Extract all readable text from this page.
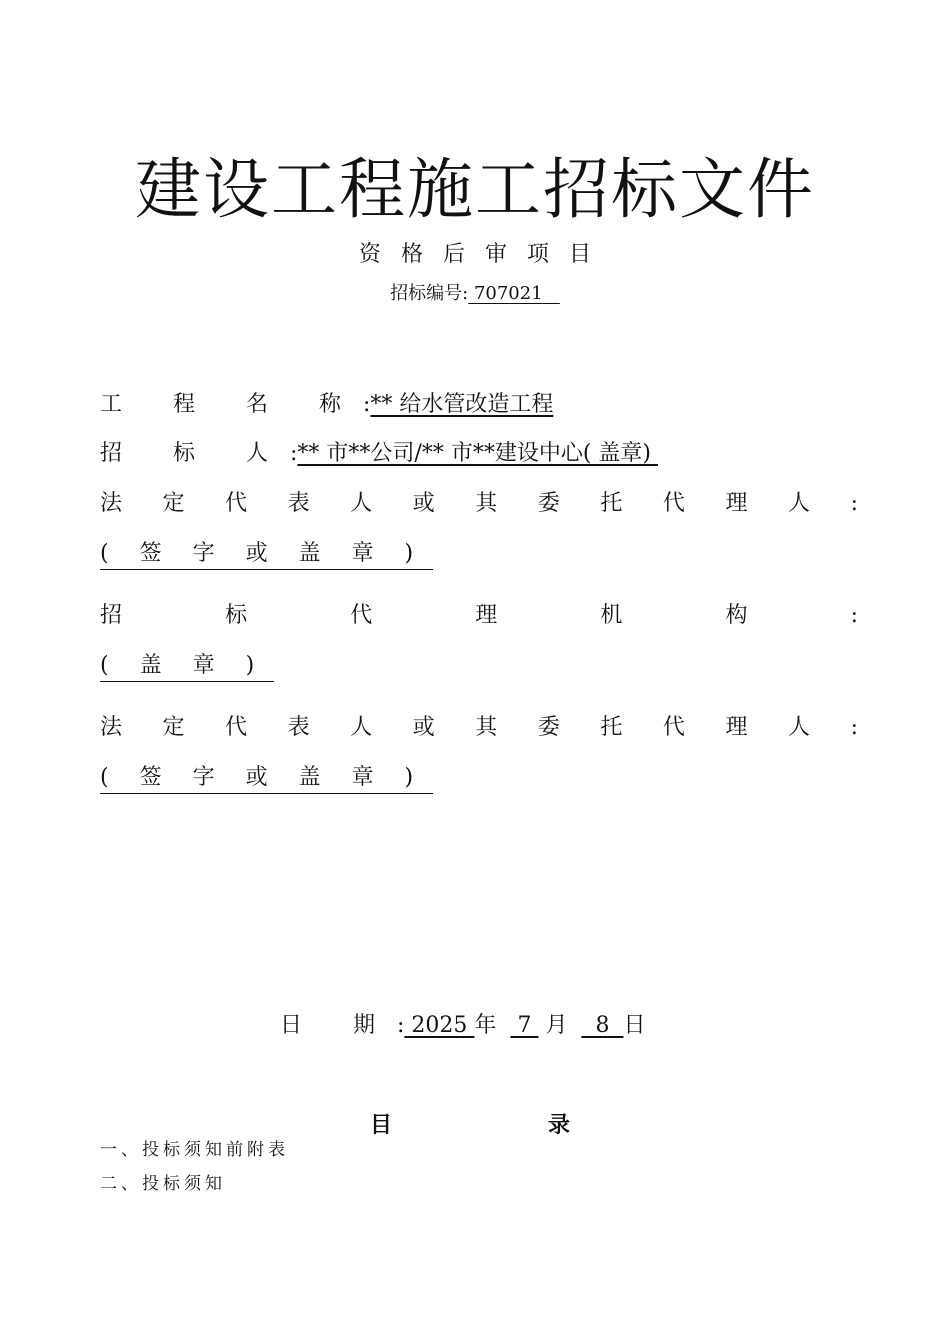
建设工程施工招标文件
资格后审项目
招标编号: 707021
工 程 名 称:** 给水管改造工程
招 标 人:** 市**公司/** 市**建设中心( 盖章)
法 定 代 表 人 或 其 委 托 代 理 人 :
( 签 字 或 盖 章 )
招	标	代	理	机	构	:
( 盖 章 )
法 定 代 表 人 或 其 委 托 代 理 人 :
( 签 字 或 盖 章 )
日 期: 2025 年 7 月 8 日
目	录
一、投标须知前附表
二、投标须知
